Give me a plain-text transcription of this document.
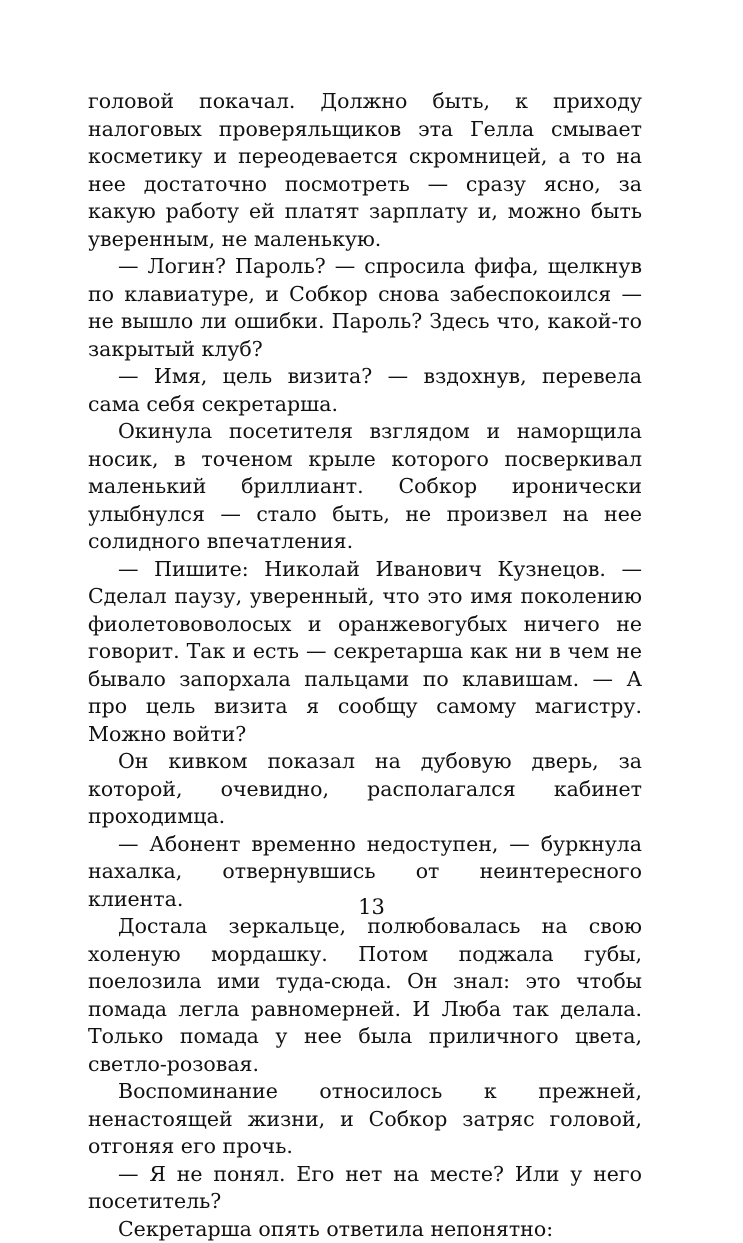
головой покачал. Должно быть, к приходу налоговых проверяльщиков эта Гелла смывает косметику и переодевается скромницей, а то на нее достаточно посмотреть — сразу ясно, за какую работу ей платят зарплату и, можно быть уверенным, не маленькую.

— Логин? Пароль? — спросила фифа, щелкнув по клавиатуре, и Собкор снова забеспокоился — не вышло ли ошибки. Пароль? Здесь что, какой-то закрытый клуб?

— Имя, цель визита? — вздохнув, перевела сама себя секретарша.

Окинула посетителя взглядом и наморщила носик, в точеном крыле которого посверкивал маленький бриллиант. Собкор иронически улыбнулся — стало быть, не произвел на нее солидного впечатления.

— Пишите: Николай Иванович Кузнецов. — Сделал паузу, уверенный, что это имя поколению фиолетововолосых и оранжевогубых ничего не говорит. Так и есть — секретарша как ни в чем не бывало запорхала пальцами по клавишам. — А про цель визита я сообщу самому магистру. Можно войти?

Он кивком показал на дубовую дверь, за которой, очевидно, располагался кабинет проходимца.

— Абонент временно недоступен, — буркнула нахалка, отвернувшись от неинтересного клиента.

Достала зеркальце, полюбовалась на свою холеную мордашку. Потом поджала губы, поелозила ими туда-сюда. Он знал: это чтобы помада легла равномерней. И Люба так делала. Только помада у нее была приличного цвета, светло-розовая.

Воспоминание относилось к прежней, ненастоящей жизни, и Собкор затряс головой, отгоняя его прочь.

— Я не понял. Его нет на месте? Или у него посетитель?

Секретарша опять ответила непонятно:

13
